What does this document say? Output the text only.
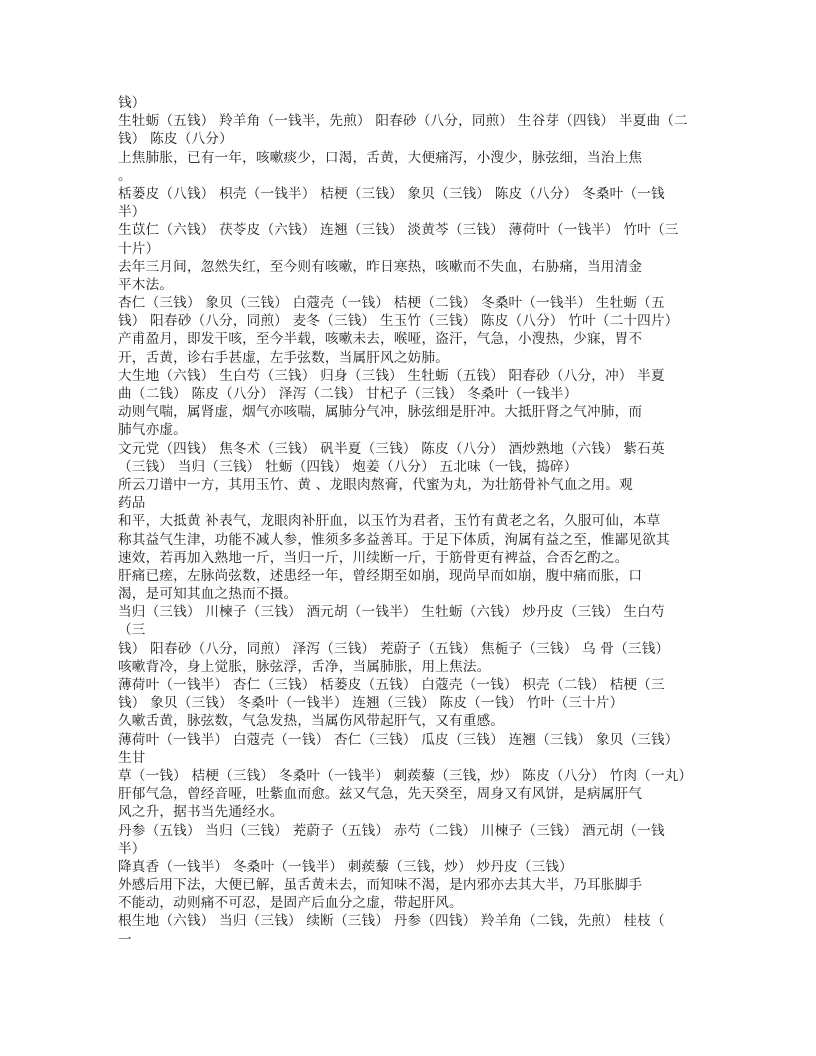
钱）
生牡蛎（五钱） 羚羊角（一钱半，先煎） 阳春砂（八分，同煎） 生谷芽（四钱） 半夏曲（二
钱） 陈皮（八分）
上焦肺胀，已有一年，咳嗽痰少，口渴，舌黄，大便痛泻，小溲少，脉弦细，当治上焦
。
栝蒌皮（八钱） 枳壳（一钱半） 桔梗（三钱） 象贝（三钱） 陈皮（八分） 冬桑叶（一钱
半）
生苡仁（六钱） 茯苓皮（六钱） 连翘（三钱） 淡黄芩（三钱） 薄荷叶（一钱半） 竹叶（三
十片）
去年三月间，忽然失红，至今则有咳嗽，昨日寒热，咳嗽而不失血，右胁痛，当用清金
平木法。
杏仁（三钱） 象贝（三钱） 白蔻壳（一钱） 桔梗（二钱） 冬桑叶（一钱半） 生牡蛎（五
钱） 阳春砂（八分，同煎） 麦冬（三钱） 生玉竹（三钱） 陈皮（八分） 竹叶（二十四片）
产甫盈月，即发干咳，至今半载，咳嗽未去，喉哑，盗汗，气急，小溲热，少寐，胃不
开，舌黄，诊右手甚虚，左手弦数，当属肝风之妨肺。
大生地（六钱） 生白芍（三钱） 归身（三钱） 生牡蛎（五钱） 阳春砂（八分，冲） 半夏
曲（二钱） 陈皮（八分） 泽泻（二钱） 甘杞子（三钱） 冬桑叶（一钱半）
动则气喘，属肾虚，烟气亦咳喘，属肺分气冲，脉弦细是肝冲。大抵肝肾之气冲肺，而
肺气亦虚。
文元党（四钱） 焦冬术（三钱） 矾半夏（三钱） 陈皮（八分） 酒炒熟地（六钱） 紫石英
（三钱） 当归（三钱） 牡蛎（四钱） 炮姜（八分） 五北味（一钱，捣碎）
所云刀谱中一方，其用玉竹、黄 、龙眼肉熬膏，代蜜为丸，为壮筋骨补气血之用。观
药品
和平，大抵黄 补表气，龙眼肉补肝血，以玉竹为君者，玉竹有黄老之名，久服可仙，本草
称其益气生津，功能不减人参，惟须多多益善耳。于足下体质，洵属有益之至，惟鄙见欲其
速效，若再加入熟地一斤，当归一斤，川续断一斤，于筋骨更有裨益，合否乞酌之。
肝痛已瘥，左脉尚弦数，述患经一年，曾经期至如崩，现尚早而如崩，腹中痛而胀，口
渴，是可知其血之热而不摄。
当归（三钱） 川楝子（三钱） 酒元胡（一钱半） 生牡蛎（六钱） 炒丹皮（三钱） 生白芍
（三
钱） 阳春砂（八分，同煎） 泽泻（三钱） 茺蔚子（五钱） 焦栀子（三钱） 乌 骨（三钱）
咳嗽背冷，身上觉胀，脉弦浮，舌净，当属肺胀，用上焦法。
薄荷叶（一钱半） 杏仁（三钱） 栝蒌皮（五钱） 白蔻壳（一钱） 枳壳（二钱） 桔梗（三
钱） 象贝（三钱） 冬桑叶（一钱半） 连翘（三钱） 陈皮（一钱） 竹叶（三十片）
久嗽舌黄，脉弦数，气急发热，当属伤风带起肝气，又有重感。
薄荷叶（一钱半） 白蔻壳（一钱） 杏仁（三钱） 瓜皮（三钱） 连翘（三钱） 象贝（三钱）
生甘
草（一钱） 桔梗（三钱） 冬桑叶（一钱半） 刺蒺藜（三钱，炒） 陈皮（八分） 竹肉（一丸）
肝郁气急，曾经音哑，吐紫血而愈。兹又气急，先天癸至，周身又有风饼，是病属肝气
风之升，据书当先通经水。
丹参（五钱） 当归（三钱） 茺蔚子（五钱） 赤芍（二钱） 川楝子（三钱） 酒元胡（一钱
半）
降真香（一钱半） 冬桑叶（一钱半） 刺蒺藜（三钱，炒） 炒丹皮（三钱）
外感后用下法，大便已解，虽舌黄未去，而知味不渴，是内邪亦去其大半，乃耳胀脚手
不能动，动则痛不可忍，是固产后血分之虚，带起肝风。
根生地（六钱） 当归（三钱） 续断（三钱） 丹参（四钱） 羚羊角（二钱，先煎） 桂枝（
一
